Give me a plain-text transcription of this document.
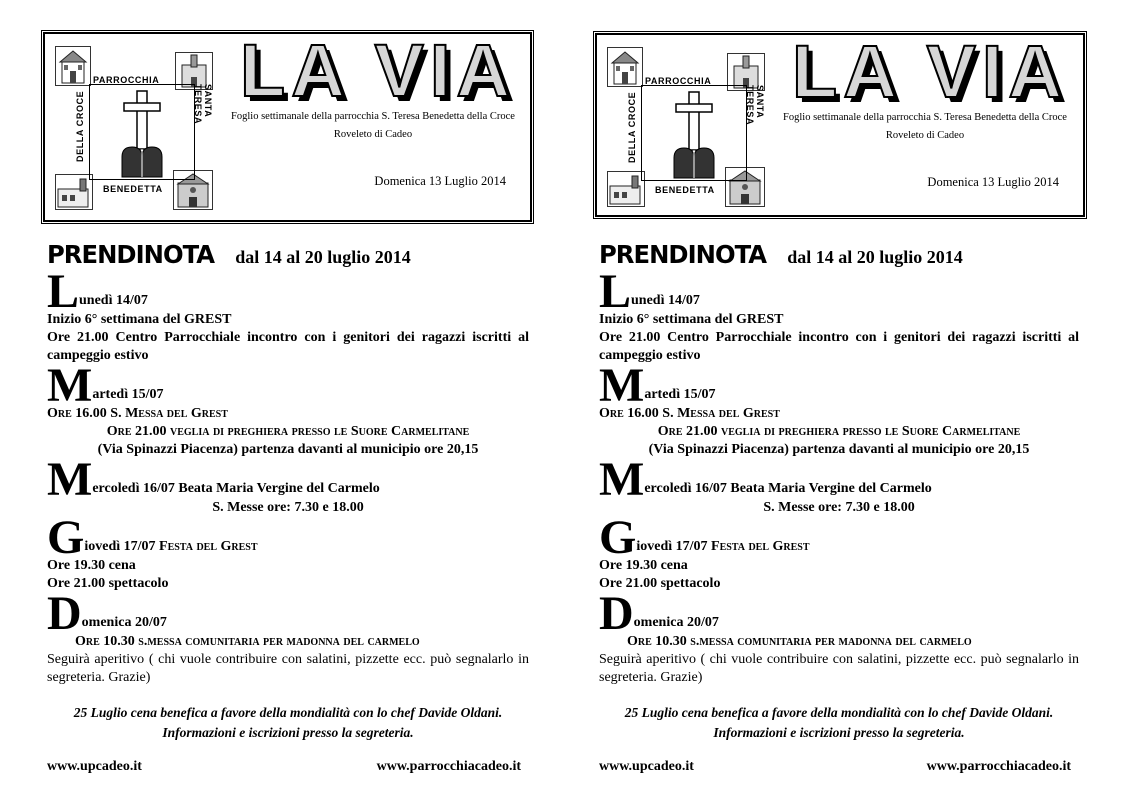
PARROCCHIA
SANTA TERESA
BENEDETTA
DELLA CROCE
LA VIA
Foglio settimanale della parrocchia S. Teresa Benedetta della Croce
Roveleto di Cadeo
Domenica 13 Luglio 2014
PRENDINOTA dal 14 al 20 luglio 2014
L unedì 14/07
Inizio 6° settimana del GREST
Ore 21.00 Centro Parrocchiale incontro con i genitori dei ragazzi iscritti al campeggio estivo
M artedì 15/07
Ore 16.00 S. Messa del Grest
Ore 21.00 veglia di preghiera presso le Suore Carmelitane
(Via Spinazzi Piacenza) partenza davanti al municipio ore 20,15
M ercoledì 16/07 Beata Maria Vergine del Carmelo
S. Messe ore: 7.30 e 18.00
G iovedì 17/07 Festa del Grest
Ore 19.30 cena
Ore 21.00 spettacolo
D omenica 20/07
Ore 10.30 s.messa comunitaria per madonna del carmelo
Seguirà aperitivo ( chi vuole contribuire con salatini, pizzette ecc. può segnalarlo in segreteria. Grazie)
25 Luglio cena benefica a favore della mondialità con lo chef Davide Oldani.
Informazioni e iscrizioni presso la segreteria.
www.upcadeo.it	www.parrocchiacadeo.it
PARROCCHIA
SANTA TERESA
BENEDETTA
DELLA CROCE
LA VIA
Foglio settimanale della parrocchia S. Teresa Benedetta della Croce
Roveleto di Cadeo
Domenica 13 Luglio 2014
PRENDINOTA dal 14 al 20 luglio 2014
L unedì 14/07
Inizio 6° settimana del GREST
Ore 21.00 Centro Parrocchiale incontro con i genitori dei ragazzi iscritti al campeggio estivo
M artedì 15/07
Ore 16.00 S. Messa del Grest
Ore 21.00 veglia di preghiera presso le Suore Carmelitane
(Via Spinazzi Piacenza) partenza davanti al municipio ore 20,15
M ercoledì 16/07 Beata Maria Vergine del Carmelo
S. Messe ore: 7.30 e 18.00
G iovedì 17/07 Festa del Grest
Ore 19.30 cena
Ore 21.00 spettacolo
D omenica 20/07
Ore 10.30 s.messa comunitaria per madonna del carmelo
Seguirà aperitivo ( chi vuole contribuire con salatini, pizzette ecc. può segnalarlo in segreteria. Grazie)
25 Luglio cena benefica a favore della mondialità con lo chef Davide Oldani.
Informazioni e iscrizioni presso la segreteria.
www.upcadeo.it	www.parrocchiacadeo.it
